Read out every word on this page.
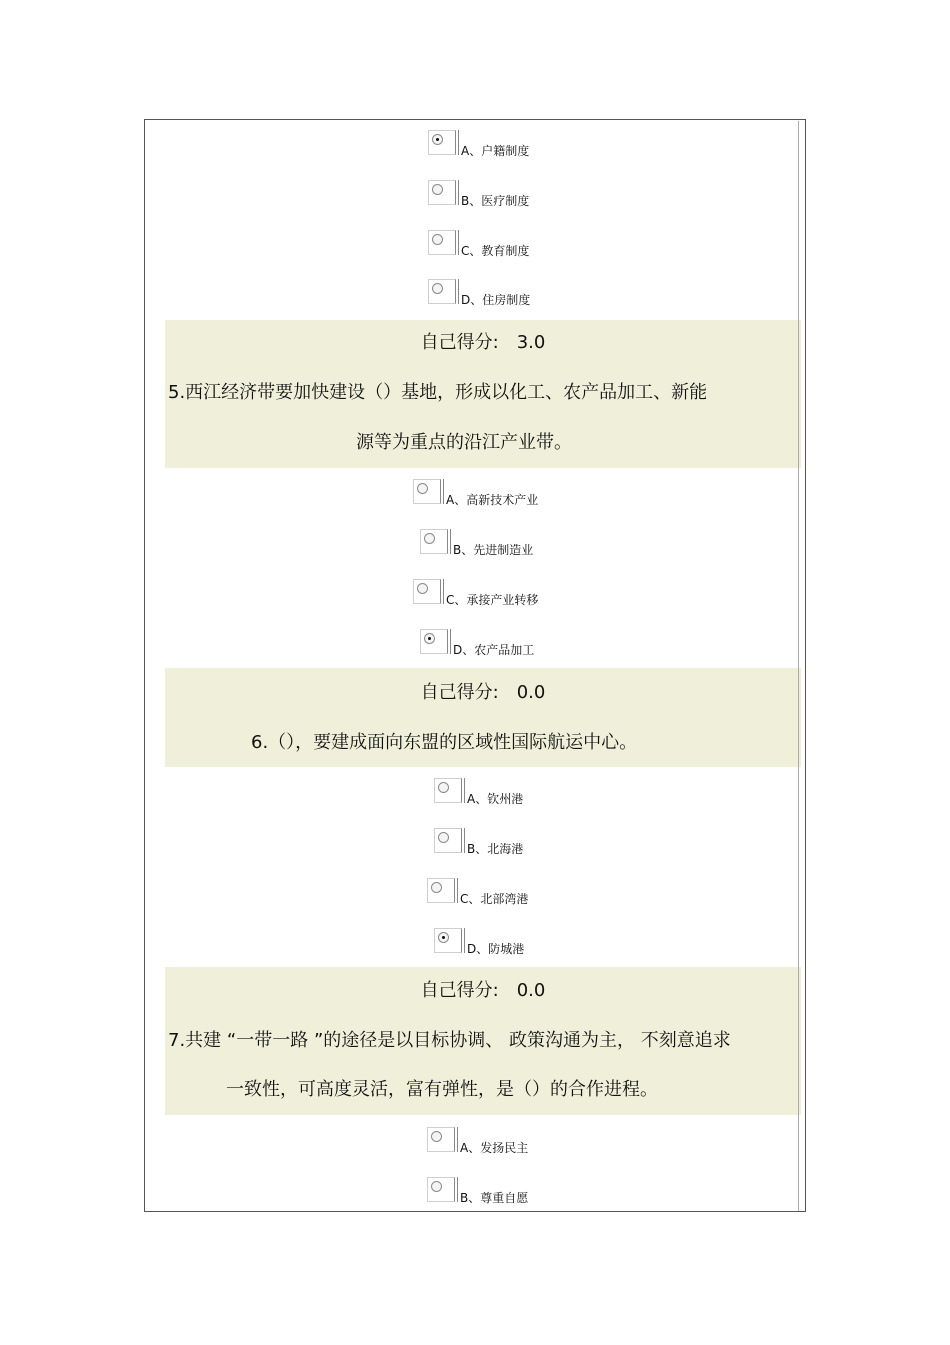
A、户籍制度
B、医疗制度
C、教育制度
D、住房制度
自己得分: 3.0
5.西江经济带要加快建设（）基地，形成以化工、农产品加工、新能
源等为重点的沿江产业带。
A、高新技术产业
B、先进制造业
C、承接产业转移
D、农产品加工
自己得分: 0.0
6.（），要建成面向东盟的区域性国际航运中心。
A、钦州港
B、北海港
C、北部湾港
D、防城港
自己得分: 0.0
7.共建 “一带一路 ”的途径是以目标协调、 政策沟通为主， 不刻意追求
一致性，可高度灵活，富有弹性，是（）的合作进程。
A、发扬民主
B、尊重自愿
